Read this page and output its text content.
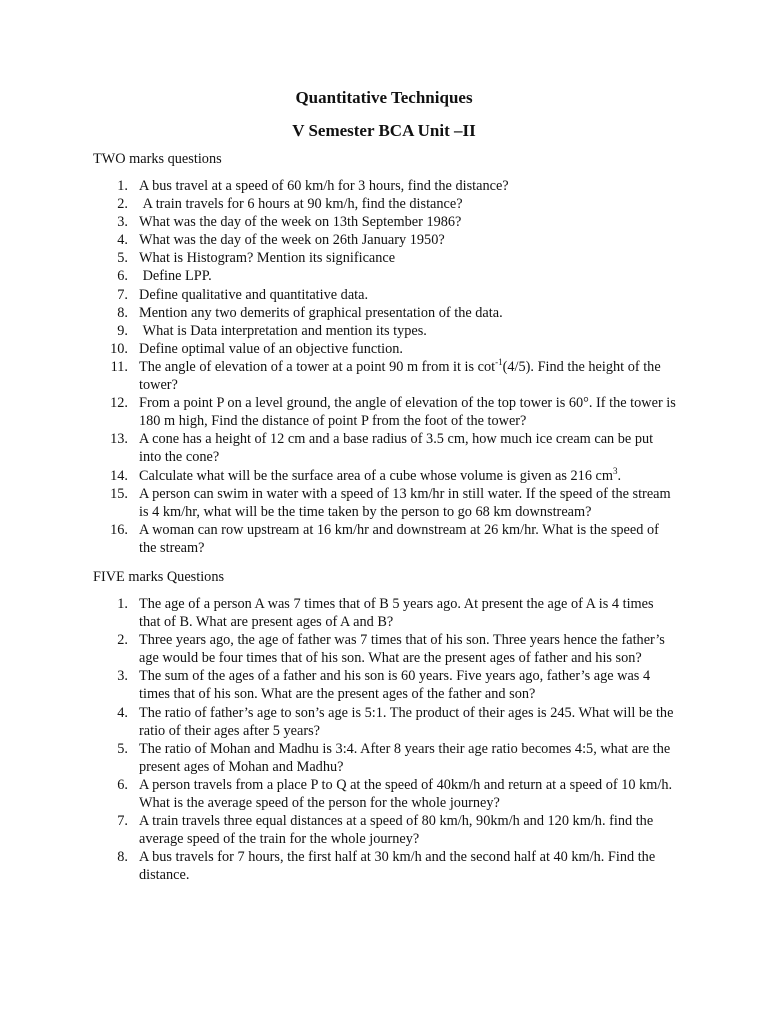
Quantitative Techniques
V Semester BCA Unit –II

TWO marks questions

1. A bus travel at a speed of 60 km/h for 3 hours, find the distance?
2. A train travels for 6 hours at 90 km/h, find the distance?
3. What was the day of the week on 13th September 1986?
4. What was the day of the week on 26th January 1950?
5. What is Histogram? Mention its significance
6. Define LPP.
7. Define qualitative and quantitative data.
8. Mention any two demerits of graphical presentation of the data.
9. What is Data interpretation and mention its types.
10. Define optimal value of an objective function.
11. The angle of elevation of a tower at a point 90 m from it is $\cot^{-1}(4/5)$. Find the height of the tower?
12. From a point P on a level ground, the angle of elevation of the top tower is 60°. If the tower is 180 m high, Find the distance of point P from the foot of the tower?
13. A cone has a height of 12 cm and a base radius of 3.5 cm, how much ice cream can be put into the cone?
14. Calculate what will be the surface area of a cube whose volume is given as 216 $cm^3$.
15. A person can swim in water with a speed of 13 km/hr in still water. If the speed of the stream is 4 km/hr, what will be the time taken by the person to go 68 km downstream?
16. A woman can row upstream at 16 km/hr and downstream at 26 km/hr. What is the speed of the stream?

FIVE marks Questions

1. The age of a person A was 7 times that of B 5 years ago. At present the age of A is 4 times that of B. What are present ages of A and B?
2. Three years ago, the age of father was 7 times that of his son. Three years hence the father’s age would be four times that of his son. What are the present ages of father and his son?
3. The sum of the ages of a father and his son is 60 years. Five years ago, father’s age was 4 times that of his son. What are the present ages of the father and son?
4. The ratio of father’s age to son’s age is 5:1. The product of their ages is 245. What will be the ratio of their ages after 5 years?
5. The ratio of Mohan and Madhu is 3:4. After 8 years their age ratio becomes 4:5, what are the present ages of Mohan and Madhu?
6. A person travels from a place P to Q at the speed of 40km/h and return at a speed of 10 km/h. What is the average speed of the person for the whole journey?
7. A train travels three equal distances at a speed of 80 km/h, 90km/h and 120 km/h. find the average speed of the train for the whole journey?
8. A bus travels for 7 hours, the first half at 30 km/h and the second half at 40 km/h. Find the distance.
